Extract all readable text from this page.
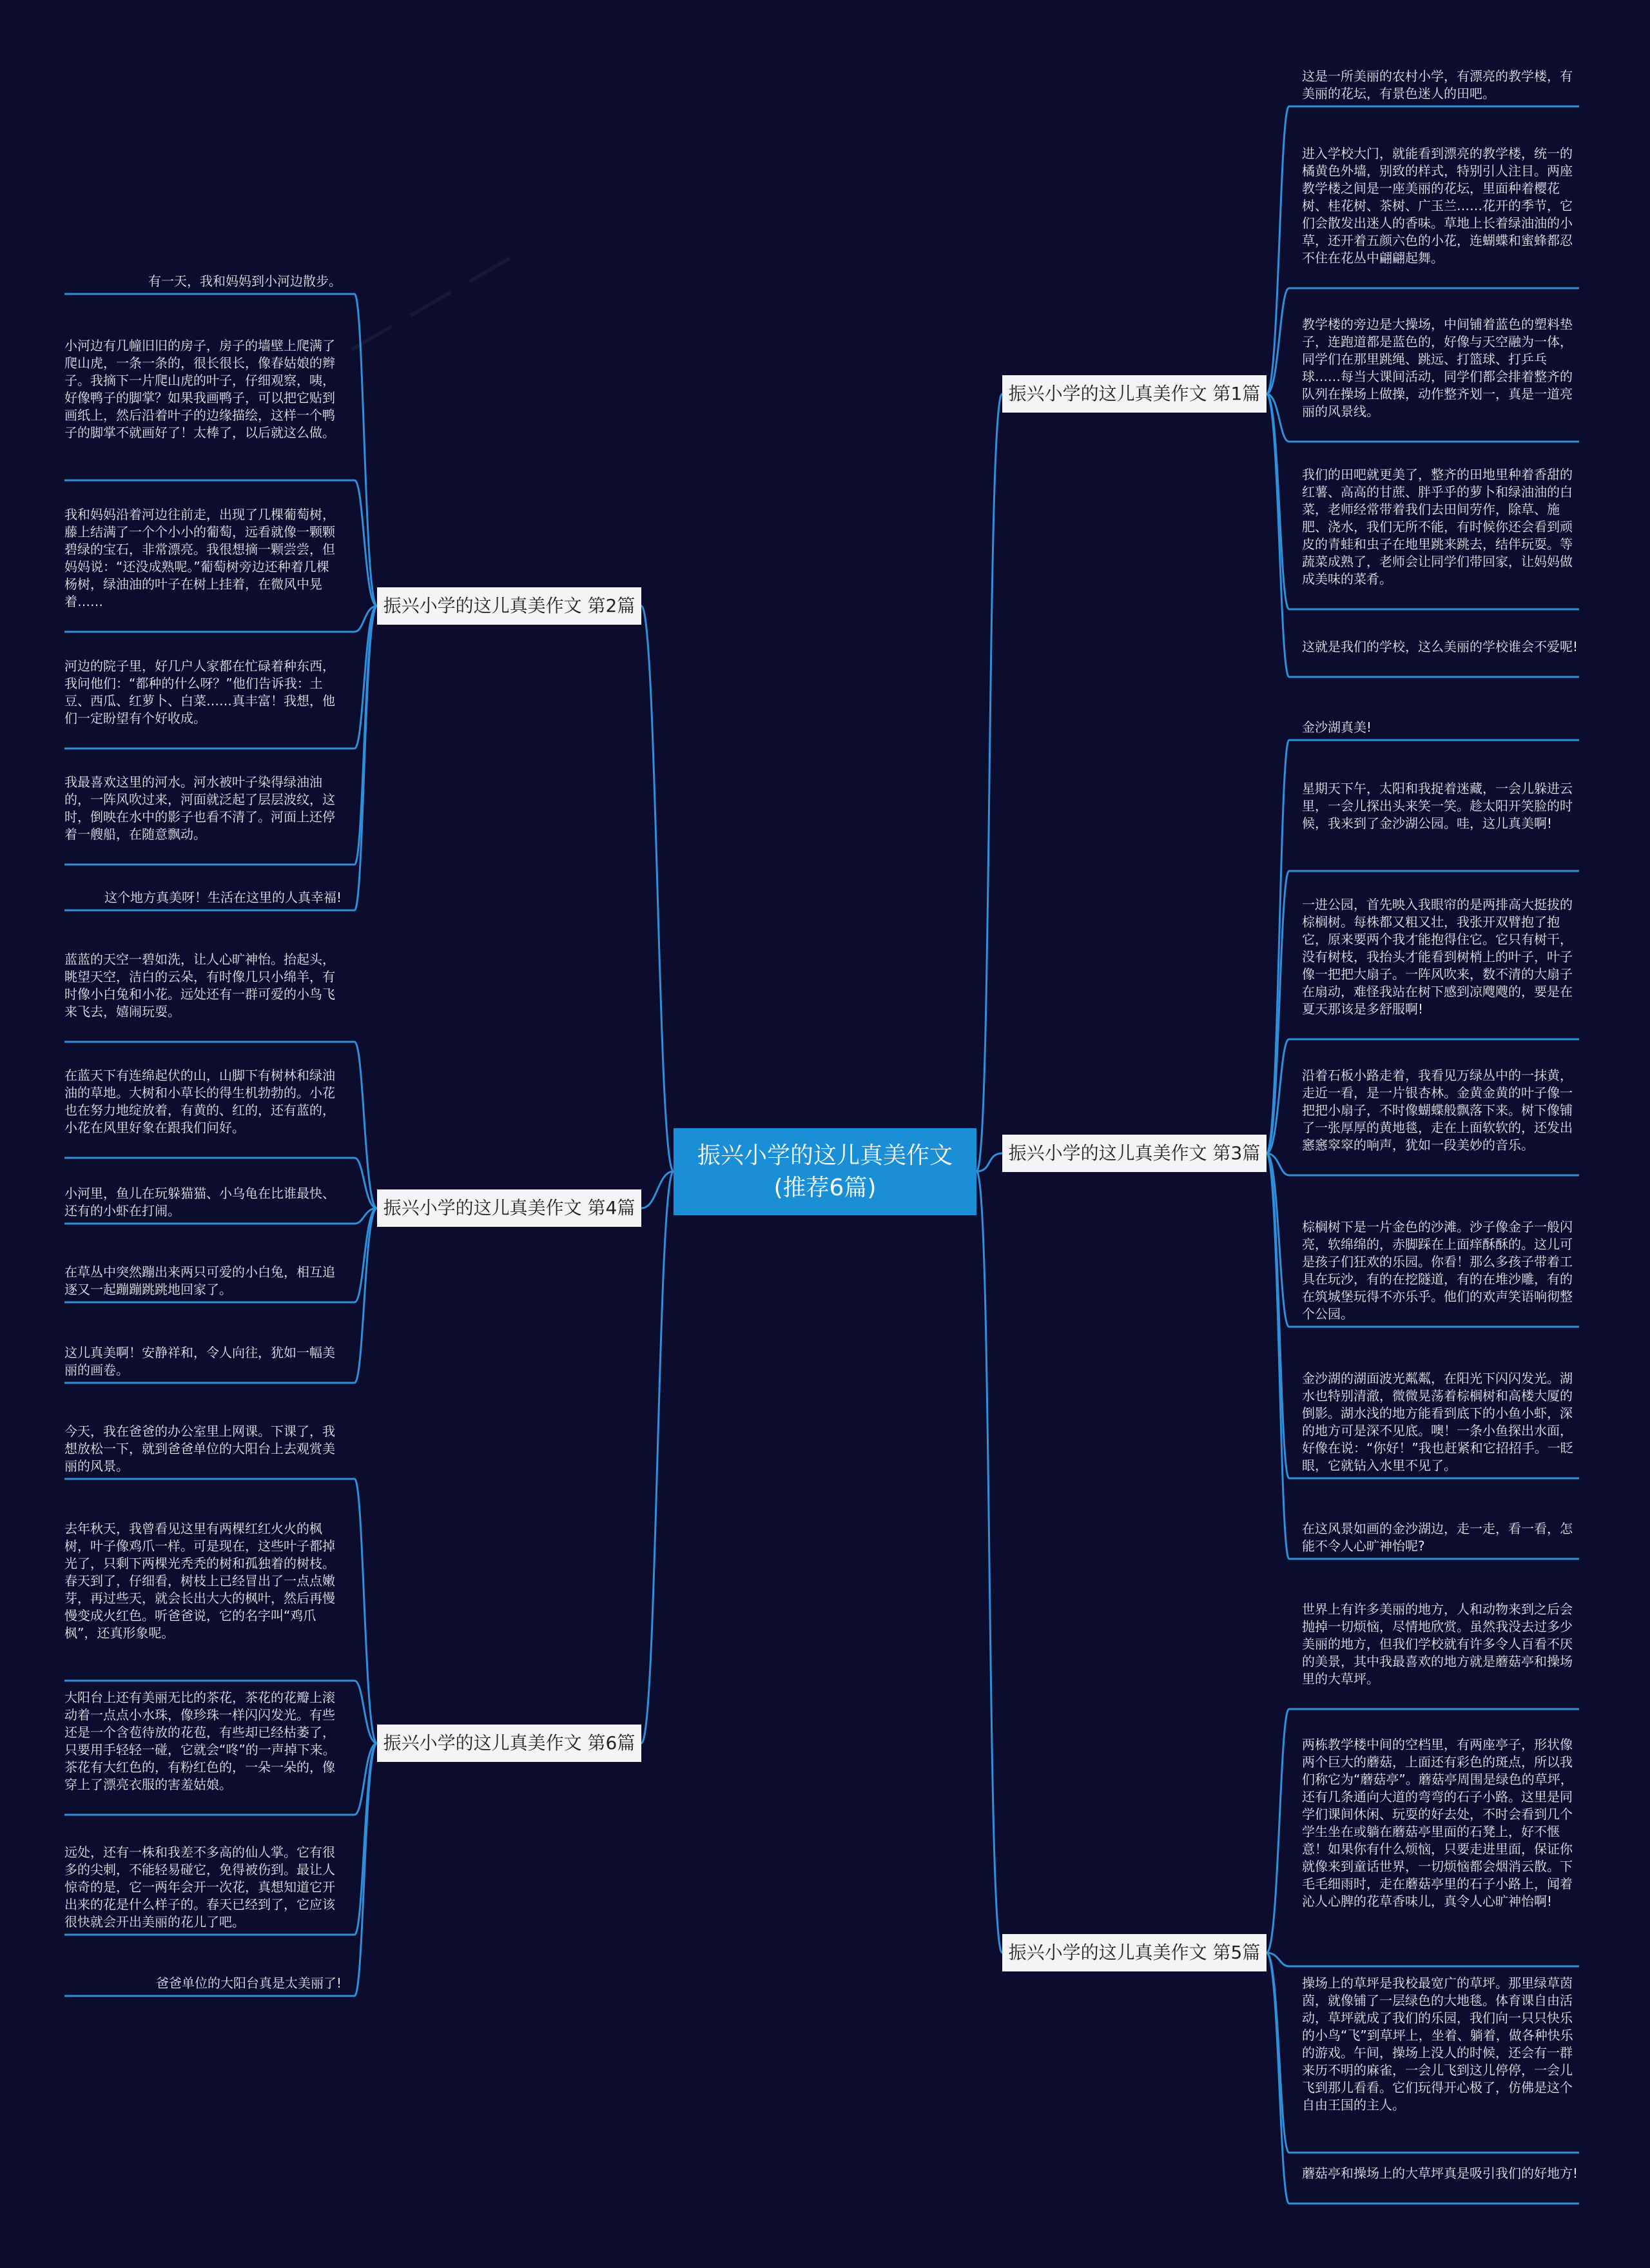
振兴小学的这儿真美作文(推荐6篇)
— — —
振兴小学的这儿真美作文 第1篇
这是一所美丽的农村小学，有漂亮的教学楼，有美丽的花坛，有景色迷人的田吧。
进入学校大门，就能看到漂亮的教学楼，统一的橘黄色外墙，别致的样式，特别引人注目。两座教学楼之间是一座美丽的花坛，里面种着樱花树、桂花树、茶树、广玉兰……花开的季节，它们会散发出迷人的香味。草地上长着绿油油的小草，还开着五颜六色的小花，连蝴蝶和蜜蜂都忍不住在花丛中翩翩起舞。
教学楼的旁边是大操场，中间铺着蓝色的塑料垫子，连跑道都是蓝色的，好像与天空融为一体，同学们在那里跳绳、跳远、打篮球、打乒乓球……每当大课间活动，同学们都会排着整齐的队列在操场上做操，动作整齐划一，真是一道亮丽的风景线。
我们的田吧就更美了，整齐的田地里种着香甜的红薯、高高的甘蔗、胖乎乎的萝卜和绿油油的白菜，老师经常带着我们去田间劳作，除草、施肥、浇水，我们无所不能，有时候你还会看到顽皮的青蛙和虫子在地里跳来跳去，结伴玩耍。等蔬菜成熟了，老师会让同学们带回家，让妈妈做成美味的菜肴。
这就是我们的学校，这么美丽的学校谁会不爱呢!
振兴小学的这儿真美作文 第3篇
金沙湖真美!
星期天下午，太阳和我捉着迷藏，一会儿躲进云里，一会儿探出头来笑一笑。趁太阳开笑脸的时候，我来到了金沙湖公园。哇，这儿真美啊!
一进公园，首先映入我眼帘的是两排高大挺拔的棕榈树。每株都又粗又壮，我张开双臂抱了抱它，原来要两个我才能抱得住它。它只有树干，没有树枝，我抬头才能看到树梢上的叶子，叶子像一把把大扇子。一阵风吹来，数不清的大扇子在扇动，难怪我站在树下感到凉飕飕的，要是在夏天那该是多舒服啊!
沿着石板小路走着，我看见万绿丛中的一抹黄，走近一看，是一片银杏林。金黄金黄的叶子像一把把小扇子，不时像蝴蝶般飘落下来。树下像铺了一张厚厚的黄地毯，走在上面软软的，还发出窸窸窣窣的响声，犹如一段美妙的音乐。
棕榈树下是一片金色的沙滩。沙子像金子一般闪亮，软绵绵的，赤脚踩在上面痒酥酥的。这儿可是孩子们狂欢的乐园。你看！那么多孩子带着工具在玩沙，有的在挖隧道，有的在堆沙雕，有的在筑城堡玩得不亦乐乎。他们的欢声笑语响彻整个公园。
金沙湖的湖面波光粼粼，在阳光下闪闪发光。湖水也特别清澈，微微晃荡着棕榈树和高楼大厦的倒影。湖水浅的地方能看到底下的小鱼小虾，深的地方可是深不见底。噢！一条小鱼探出水面，好像在说：“你好！”我也赶紧和它招招手。一眨眼，它就钻入水里不见了。
在这风景如画的金沙湖边，走一走，看一看，怎能不令人心旷神怡呢?
振兴小学的这儿真美作文 第5篇
世界上有许多美丽的地方，人和动物来到之后会抛掉一切烦恼，尽情地欣赏。虽然我没去过多少美丽的地方，但我们学校就有许多令人百看不厌的美景，其中我最喜欢的地方就是蘑菇亭和操场里的大草坪。
两栋教学楼中间的空档里，有两座亭子，形状像两个巨大的蘑菇，上面还有彩色的斑点，所以我们称它为“蘑菇亭”。蘑菇亭周围是绿色的草坪，还有几条通向大道的弯弯的石子小路。这里是同学们课间休闲、玩耍的好去处，不时会看到几个学生坐在或躺在蘑菇亭里面的石凳上，好不惬意！如果你有什么烦恼，只要走进里面，保证你就像来到童话世界，一切烦恼都会烟消云散。下毛毛细雨时，走在蘑菇亭里的石子小路上，闻着沁人心脾的花草香味儿，真令人心旷神怡啊!
操场上的草坪是我校最宽广的草坪。那里绿草茵茵，就像铺了一层绿色的大地毯。体育课自由活动，草坪就成了我们的乐园，我们向一只只快乐的小鸟“飞”到草坪上，坐着、躺着，做各种快乐的游戏。午间，操场上没人的时候，还会有一群来历不明的麻雀，一会儿飞到这儿停停，一会儿飞到那儿看看。它们玩得开心极了，仿佛是这个自由王国的主人。
蘑菇亭和操场上的大草坪真是吸引我们的好地方!
振兴小学的这儿真美作文 第2篇
有一天，我和妈妈到小河边散步。
小河边有几幢旧旧的房子，房子的墙壁上爬满了爬山虎，一条一条的，很长很长，像春姑娘的辫子。我摘下一片爬山虎的叶子，仔细观察，咦，好像鸭子的脚掌？如果我画鸭子，可以把它贴到画纸上，然后沿着叶子的边缘描绘，这样一个鸭子的脚掌不就画好了！太棒了，以后就这么做。
我和妈妈沿着河边往前走，出现了几棵葡萄树，藤上结满了一个个小小的葡萄，远看就像一颗颗碧绿的宝石，非常漂亮。我很想摘一颗尝尝，但妈妈说：“还没成熟呢。”葡萄树旁边还种着几棵杨树，绿油油的叶子在树上挂着，在微风中晃着……
河边的院子里，好几户人家都在忙碌着种东西，我问他们：“都种的什么呀？”他们告诉我：土豆、西瓜、红萝卜、白菜……真丰富！我想，他们一定盼望有个好收成。
我最喜欢这里的河水。河水被叶子染得绿油油的，一阵风吹过来，河面就泛起了层层波纹，这时，倒映在水中的影子也看不清了。河面上还停着一艘船，在随意飘动。
这个地方真美呀！生活在这里的人真幸福!
振兴小学的这儿真美作文 第4篇
蓝蓝的天空一碧如洗，让人心旷神怡。抬起头，眺望天空，洁白的云朵，有时像几只小绵羊，有时像小白兔和小花。远处还有一群可爱的小鸟飞来飞去，嬉闹玩耍。
在蓝天下有连绵起伏的山，山脚下有树林和绿油油的草地。大树和小草长的得生机勃勃的。小花也在努力地绽放着，有黄的、红的，还有蓝的，小花在风里好象在跟我们问好。
小河里，鱼儿在玩躲猫猫、小乌龟在比谁最快、还有的小虾在打闹。
在草丛中突然蹦出来两只可爱的小白兔，相互追逐又一起蹦蹦跳跳地回家了。
这儿真美啊！安静祥和，令人向往，犹如一幅美丽的画卷。
振兴小学的这儿真美作文 第6篇
今天，我在爸爸的办公室里上网课。下课了，我想放松一下，就到爸爸单位的大阳台上去观赏美丽的风景。
去年秋天，我曾看见这里有两棵红红火火的枫树，叶子像鸡爪一样。可是现在，这些叶子都掉光了，只剩下两棵光秃秃的树和孤独着的树枝。春天到了，仔细看，树枝上已经冒出了一点点嫩芽，再过些天，就会长出大大的枫叶，然后再慢慢变成火红色。听爸爸说，它的名字叫“鸡爪枫”，还真形象呢。
大阳台上还有美丽无比的茶花，茶花的花瓣上滚动着一点点小水珠，像珍珠一样闪闪发光。有些还是一个含苞待放的花苞，有些却已经枯萎了，只要用手轻轻一碰，它就会“咚”的一声掉下来。茶花有大红色的，有粉红色的，一朵一朵的，像穿上了漂亮衣服的害羞姑娘。
远处，还有一株和我差不多高的仙人掌。它有很多的尖刺，不能轻易碰它，免得被伤到。最让人惊奇的是，它一两年会开一次花，真想知道它开出来的花是什么样子的。春天已经到了，它应该很快就会开出美丽的花儿了吧。
爸爸单位的大阳台真是太美丽了!
